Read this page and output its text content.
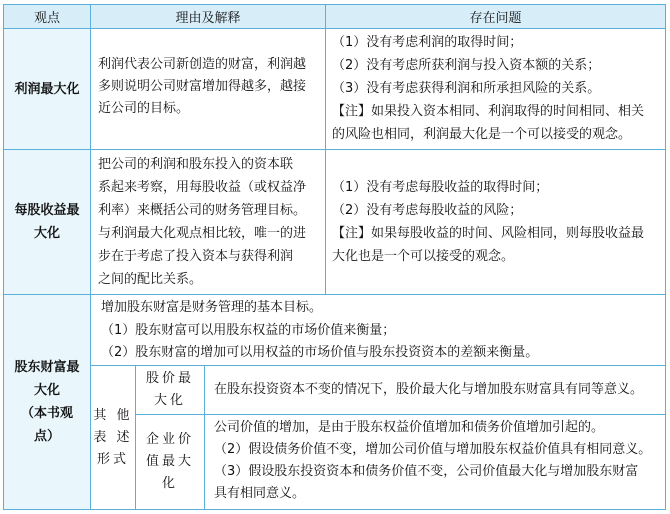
观点	理由及解释	存在问题
利润最大化
利润代表公司新创造的财富，利润越
多则说明公司财富增加得越多，越接
近公司的目标。
（1）没有考虑利润的取得时间；
（2）没有考虑所获利润与投入资本额的关系；
（3）没有考虑获得利润和所承担风险的关系。
【注】如果投入资本相同、利润取得的时间相同、相关
的风险也相同，利润最大化是一个可以接受的观念。
每股收益最
大化
把公司的利润和股东投入的资本联
系起来考察，用每股收益（或权益净
利率）来概括公司的财务管理目标。
与利润最大化观点相比较，唯一的进
步在于考虑了投入资本与获得利润
之间的配比关系。
（1）没有考虑每股收益的取得时间；
（2）没有考虑每股收益的风险；
【注】如果每股收益的时间、风险相同，则每股收益最
大化也是一个可以接受的观念。
股东财富最
大化
（本书观
点）
增加股东财富是财务管理的基本目标。
（1）股东财富可以用股东权益的市场价值来衡量；
（2）股东财富的增加可以用权益的市场价值与股东投资资本的差额来衡量。
其 他
表 述
形式
股价最
大化
在股东投资资本不变的情况下，股价最大化与增加股东财富具有同等意义。
企业价
值最大
化
公司价值的增加，是由于股东权益价值增加和债务价值增加引起的。
（2）假设债务价值不变，增加公司价值与增加股东权益价值具有相同意义。
（3）假设股东投资资本和债务价值不变，公司价值最大化与增加股东财富
具有相同意义。
